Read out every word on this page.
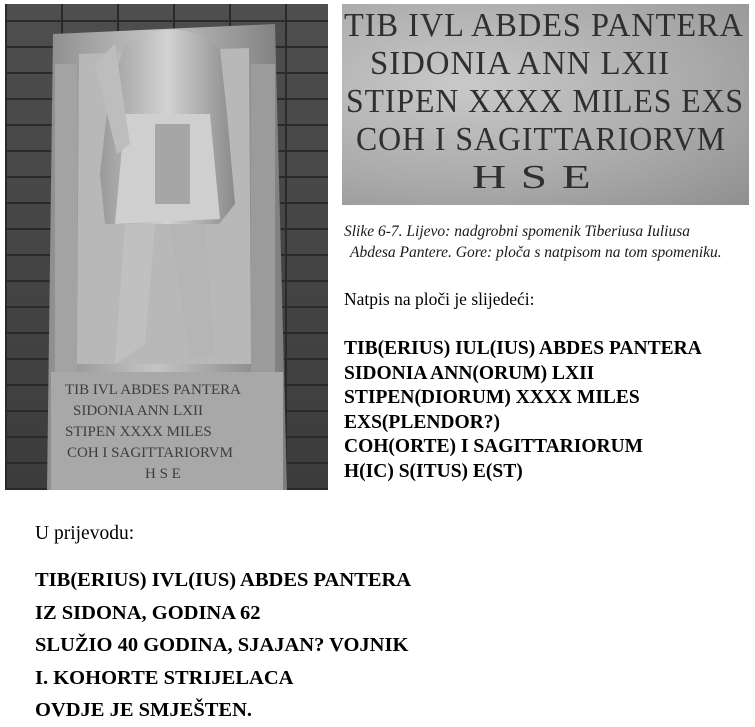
TIB IVL ABDES PANTERA
SIDONIA ANN LXII
STIPEN XXXX MILES
COH I SAGITTARIORVM
H S E
TIB IVL ABDES PANTERA
SIDONIA ANN LXII
STIPEN XXXX MILES EXS
COH I SAGITTARIORVM
H S E
Slike 6-7. Lijevo: nadgrobni spomenik Tiberiusa Iuliusa
Abdesa Pantere. Gore: ploča s natpisom na tom spomeniku.
Natpis na ploči je slijedeći:
TIB(ERIUS) IUL(IUS) ABDES PANTERA
SIDONIA ANN(ORUM) LXII
STIPEN(DIORUM) XXXX MILES
EXS(PLENDOR?)
COH(ORTE) I SAGITTARIORUM
H(IC) S(ITUS) E(ST)
U prijevodu:
TIB(ERIUS) IVL(IUS) ABDES PANTERA
IZ SIDONA, GODINA 62
SLUŽIO 40 GODINA, SJAJAN? VOJNIK
I. KOHORTE STRIJELACA
OVDJE JE SMJEŠTEN.
